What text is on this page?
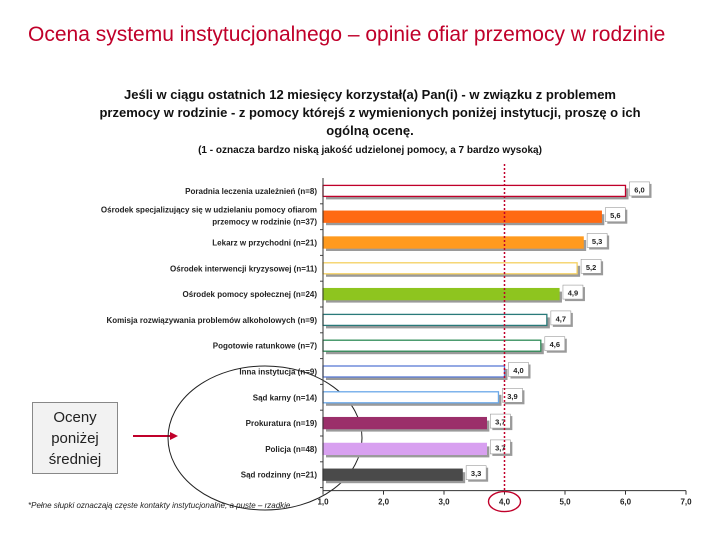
Ocena systemu instytucjonalnego – opinie ofiar przemocy w rodzinie
Jeśli w ciągu ostatnich 12 miesięcy korzystał(a) Pan(i) - w związku z problemem przemocy w rodzinie - z pomocy którejś z wymienionych poniżej instytucji, proszę o ich ogólną ocenę.
(1 - oznacza bardzo niską jakość udzielonej pomocy, a 7 bardzo wysoką)
6,0
Poradnia leczenia uzależnień (n=8)
5,6
Ośrodek specjalizujący się w udzielaniu pomocy ofiarom
przemocy w rodzinie (n=37)
5,3
Lekarz w przychodni (n=21)
5,2
Ośrodek interwencji kryzysowej (n=11)
4,9
Ośrodek pomocy społecznej (n=24)
4,7
Komisja rozwiązywania problemów alkoholowych (n=9)
4,6
Pogotowie ratunkowe (n=7)
4,0
Inna instytucja (n=9)
3,9
Sąd karny (n=14)
3,7
Prokuratura (n=19)
3,7
Policja (n=48)
3,3
Sąd rodzinny (n=21)
1,0	2,0	3,0	4,0	5,0	6,0	7,0
Oceny poniżej średniej
*Pełne słupki oznaczają częste kontakty instytucjonalne, a puste – rzadkie
